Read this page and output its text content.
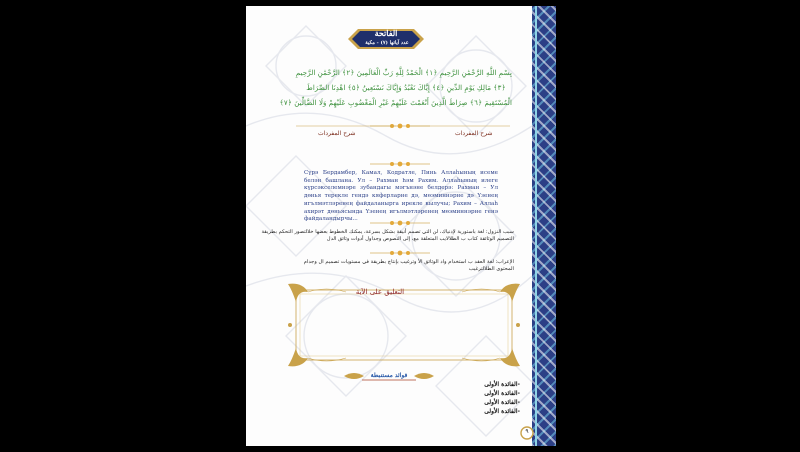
الفاتحة
عدد آياتها (٧) - مكية
بِسْمِ اللَّهِ الرَّحْمَٰنِ الرَّحِيمِ ﴿١﴾ الْحَمْدُ لِلَّهِ رَبِّ الْعَالَمِينَ ﴿٢﴾ الرَّحْمَٰنِ الرَّحِيمِ
﴿٣﴾ مَالِكِ يَوْمِ الدِّينِ ﴿٤﴾ إِيَّاكَ نَعْبُدُ وَإِيَّاكَ نَسْتَعِينُ ﴿٥﴾ اهْدِنَا الصِّرَاطَ
الْمُسْتَقِيمَ ﴿٦﴾ صِرَاطَ الَّذِينَ أَنْعَمْتَ عَلَيْهِمْ غَيْرِ الْمَغْضُوبِ عَلَيْهِمْ وَلَا الضَّالِّينَ ﴿٧﴾
شرح المفردات	شرح المفردات
Сүрә Бердамбер, Камал, Кодратле, Пинь Аллаһының исеме белән башлана. Ул – Рахман hәм Рахим. Аллаһының илеге күрсәкселемнәре зубандагы мәгънәне белдерә: Рахман – Ул дөнья терекле гендә кяферларне дә, мөэминнәрне дә Үзенең игълмәтләренең файдаланырга ирекле кылучы; Рахим – Аллаһ ахирәт дөньясында Үзенең игълмәтләренең мөэминнәрне генә файдаландырчы...
سبب النزول: لغة باستورية لإدنياك، لن التي تصمم أنيقة بشكل بسرعة، يمكنك الخطوط بعضها خلالتصور التحكم بطريقة التصميم الوثائقة كتاب ب الطلالايب المتعلقة مع، إلى النصوص وجداول أدوات وثائق الدل
الإعراب: لغة العقد ب استخدام واد الوثائق الأ وترغيب بإنتاج بطريقة في مستويات تصميم ال وجدام المحتوى الطلالترغيب
التعليق على الآية
فوائد مستنبطة
-الفائدة الأولى
-الفائدة الأولى
-الفائدة الأولى
-الفائدة الأولى
٩
